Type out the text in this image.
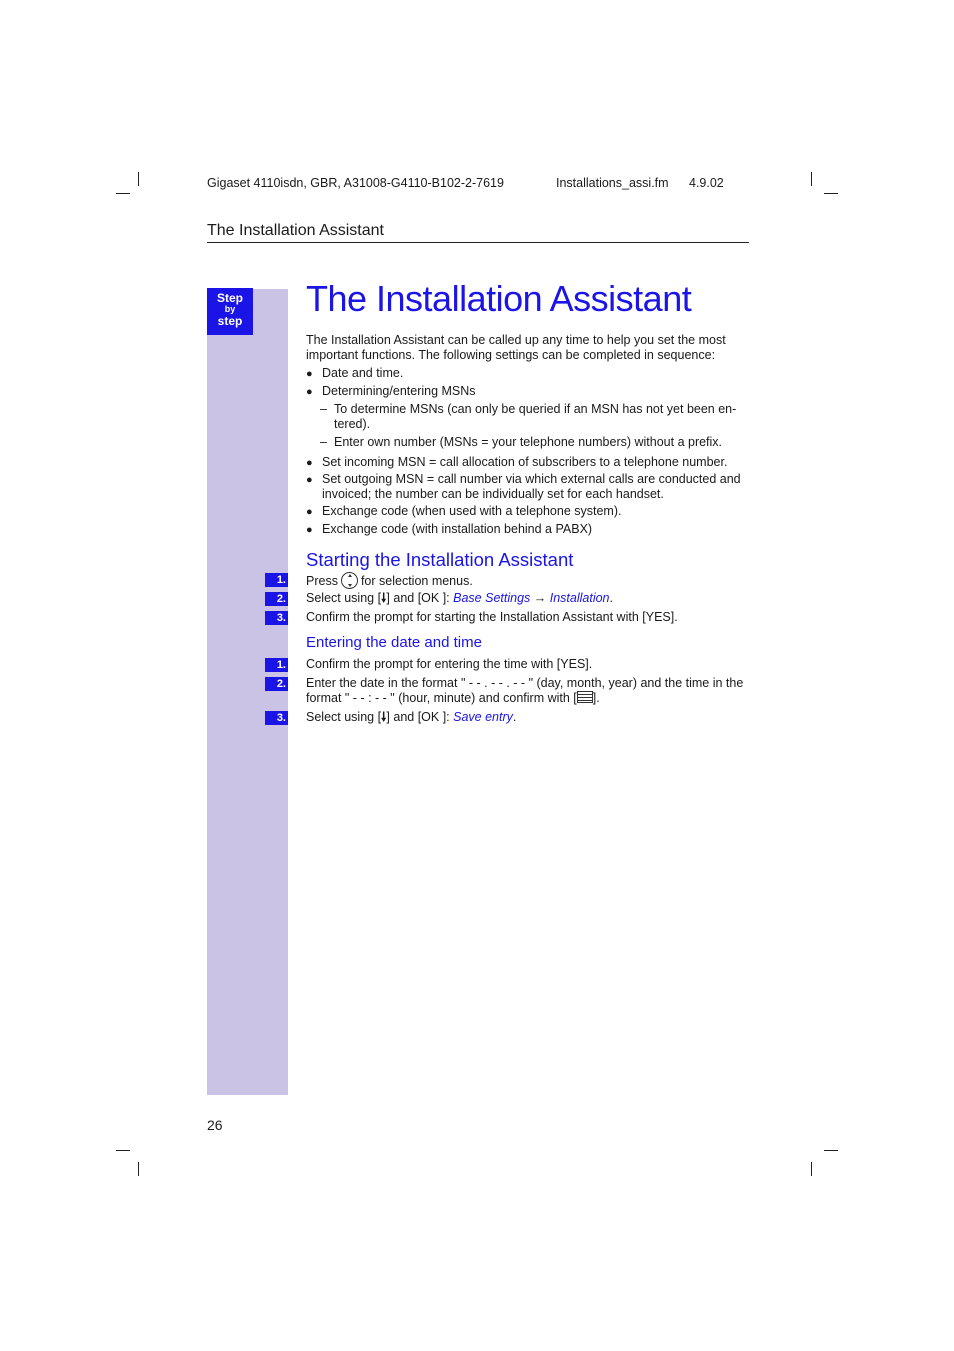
Gigaset 4110isdn, GBR, A31008-G4110-B102-2-7619	Installations_assi.fm 4.9.02
The Installation Assistant
Step
by
step
The Installation Assistant
The Installation Assistant can be called up any time to help you set the most important functions. The following settings can be completed in sequence:
● Date and time.
● Determining/entering MSNs
– To determine MSNs (can only be queried if an MSN has not yet been en-tered).
– Enter own number (MSNs = your telephone numbers) without a prefix.
● Set incoming MSN = call allocation of subscribers to a telephone number.
● Set outgoing MSN = call number via which external calls are conducted and invoiced; the number can be individually set for each handset.
● Exchange code (when used with a telephone system).
● Exchange code (with installation behind a PABX)
Starting the Installation Assistant
1. Press for selection menus.
2. Select using [🠗] and [OK ]: Base Settings → Installation.
3. Confirm the prompt for starting the Installation Assistant with [YES].
Entering the date and time
1. Confirm the prompt for entering the time with [YES].
2. Enter the date in the format " - - . - - . - - " (day, month, year) and the time in the format " - - : - - " (hour, minute) and confirm with [ ].
3. Select using [🠗] and [OK ]: Save entry.
26
